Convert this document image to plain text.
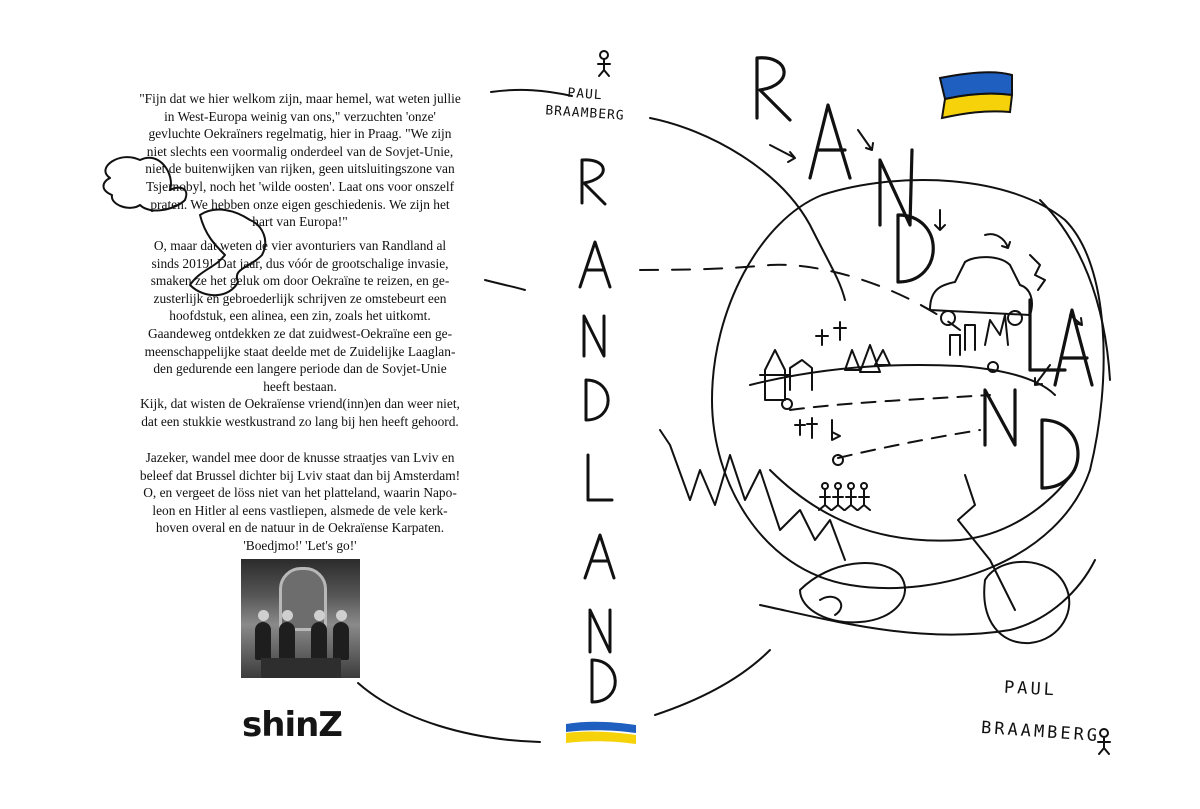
"Fijn dat we hier welkom zijn, maar hemel, wat weten jullie
in West-Europa weinig van ons," verzuchten 'onze'
gevluchte Oekraïners regelmatig, hier in Praag. "We zijn
niet slechts een voormalig onderdeel van de Sovjet-Unie,
niet de buitenwijken van rijken, geen uitsluitingszone van
Tsjernobyl, noch het 'wilde oosten'. Laat ons voor onszelf
praten. We hebben onze eigen geschiedenis. We zijn het
hart van Europa!"

O, maar dat weten de vier avonturiers van Randland al
sinds 2019! Dat jaar, dus vóór de grootschalige invasie,
smaken ze het geluk om door Oekraïne te reizen, en ge-
zusterlijk en gebroederlijk schrijven ze omstebeurt een
hoofdstuk, een alinea, een zin, zoals het uitkomt.
Gaandeweg ontdekken ze dat zuidwest-Oekraïne een ge-
meenschappelijke staat deelde met de Zuidelijke Laaglan-
den gedurende een langere periode dan de Sovjet-Unie
heeft bestaan.
Kijk, dat wisten de Oekraïense vriend(inn)en dan weer niet,
dat een stukkie westkustrand zo lang bij hen heeft gehoord.

Jazeker, wandel mee door de knusse straatjes van Lviv en
beleef dat Brussel dichter bij Lviv staat dan bij Amsterdam!
O, en vergeet de löss niet van het platteland, waarin Napo-
leon en Hitler al eens vastliepen, alsmede de vele kerk-
hoven overal en de natuur in de Oekraïense Karpaten.
'Boedjmo!' 'Let's go!'

shinZ
PAUL
BRAAMBERG
PAUL
BRAAMBERG
